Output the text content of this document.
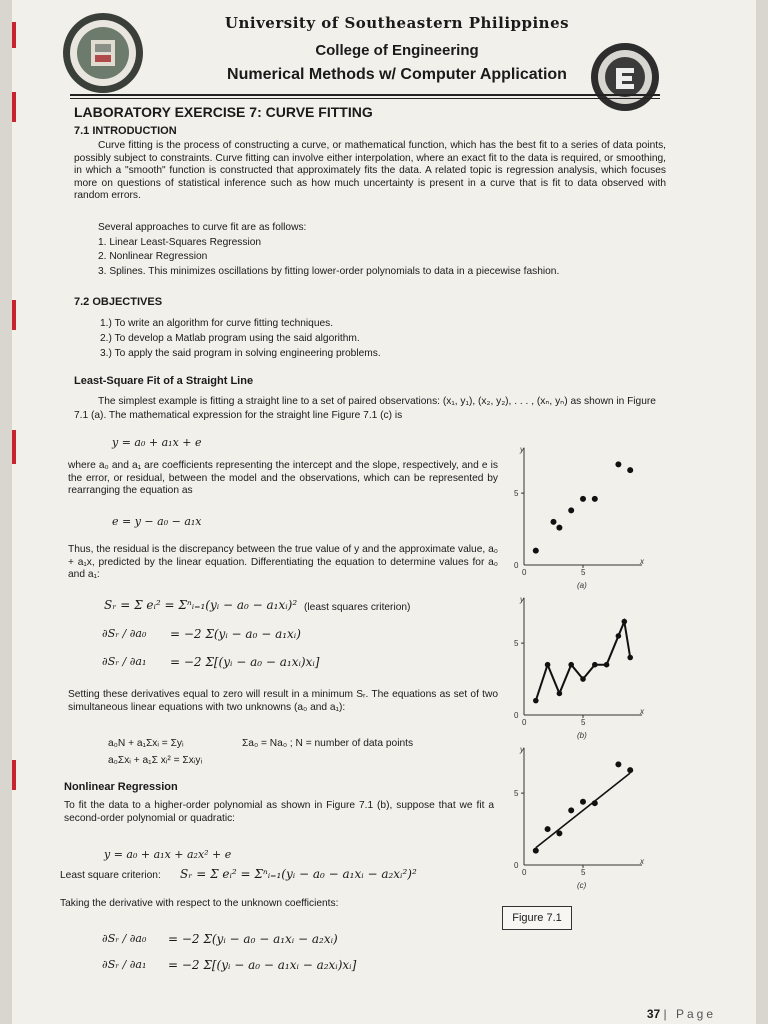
University of Southeastern Philippines
College of Engineering
Numerical Methods w/ Computer Application
LABORATORY EXERCISE 7: CURVE FITTING
7.1 INTRODUCTION
Curve fitting is the process of constructing a curve, or mathematical function, which has the best fit to a series of data points, possibly subject to constraints. Curve fitting can involve either interpolation, where an exact fit to the data is required, or smoothing, in which a "smooth" function is constructed that approximately fits the data. A related topic is regression analysis, which focuses more on questions of statistical inference such as how much uncertainty is present in a curve that is fit to data observed with random errors.
Several approaches to curve fit are as follows:
1. Linear Least-Squares Regression
2. Nonlinear Regression
3. Splines. This minimizes oscillations by fitting lower-order polynomials to data in a piecewise fashion.
7.2 OBJECTIVES
1.) To write an algorithm for curve fitting techniques.
2.) To develop a Matlab program using the said algorithm.
3.) To apply the said program in solving engineering problems.
Least-Square Fit of a Straight Line
The simplest example is fitting a straight line to a set of paired observations: (x₁, y₁), (x₂, y₂), . . . , (xₙ, yₙ) as shown in Figure
7.1 (a). The mathematical expression for the straight line Figure 7.1 (c) is
y = a₀ + a₁x + e
where a₀ and a₁ are coefficients representing the intercept and the slope, respectively, and e is the error, or residual, between the model and the observations, which can be represented by rearranging the equation as
e = y − a₀ − a₁x
Thus, the residual is the discrepancy between the true value of y and the approximate value, a₀ + a₁x, predicted by the linear equation. Differentiating the equation to determine values for a₀ and a₁:
Sᵣ = Σ eᵢ² = Σⁿᵢ₌₁(yᵢ − a₀ − a₁xᵢ)² (least squares criterion)
∂Sᵣ / ∂a₀ = −2 Σ(yᵢ − a₀ − a₁xᵢ)
∂Sᵣ / ∂a₁ = −2 Σ[(yᵢ − a₀ − a₁xᵢ)xᵢ]
Setting these derivatives equal to zero will result in a minimum Sᵣ. The equations as set of two simultaneous linear equations with two unknowns (a₀ and a₁):
a₀N + a₁Σxᵢ = Σyᵢ	Σa₀ = Na₀ ; N = number of data points
a₀Σxᵢ + a₁Σ xᵢ² = Σxᵢyᵢ
Nonlinear Regression
To fit the data to a higher-order polynomial as shown in Figure 7.1 (b), suppose that we fit a second-order polynomial or quadratic:
y = a₀ + a₁x + a₂x² + e
Least square criterion: Sᵣ = Σ eᵢ² = Σⁿᵢ₌₁(yᵢ − a₀ − a₁xᵢ − a₂xᵢ²)²
Taking the derivative with respect to the unknown coefficients:
∂Sᵣ / ∂a₀ = −2 Σ(yᵢ − a₀ − a₁xᵢ − a₂xᵢ)
∂Sᵣ / ∂a₁ = −2 Σ[(yᵢ − a₀ − a₁xᵢ − a₂xᵢ)xᵢ]
y
x
5
0
0	5
(a)
y
x
5
0
0	5
(b)
y
x
5
0
0	5
(c)
Figure 7.1
37 | Page
